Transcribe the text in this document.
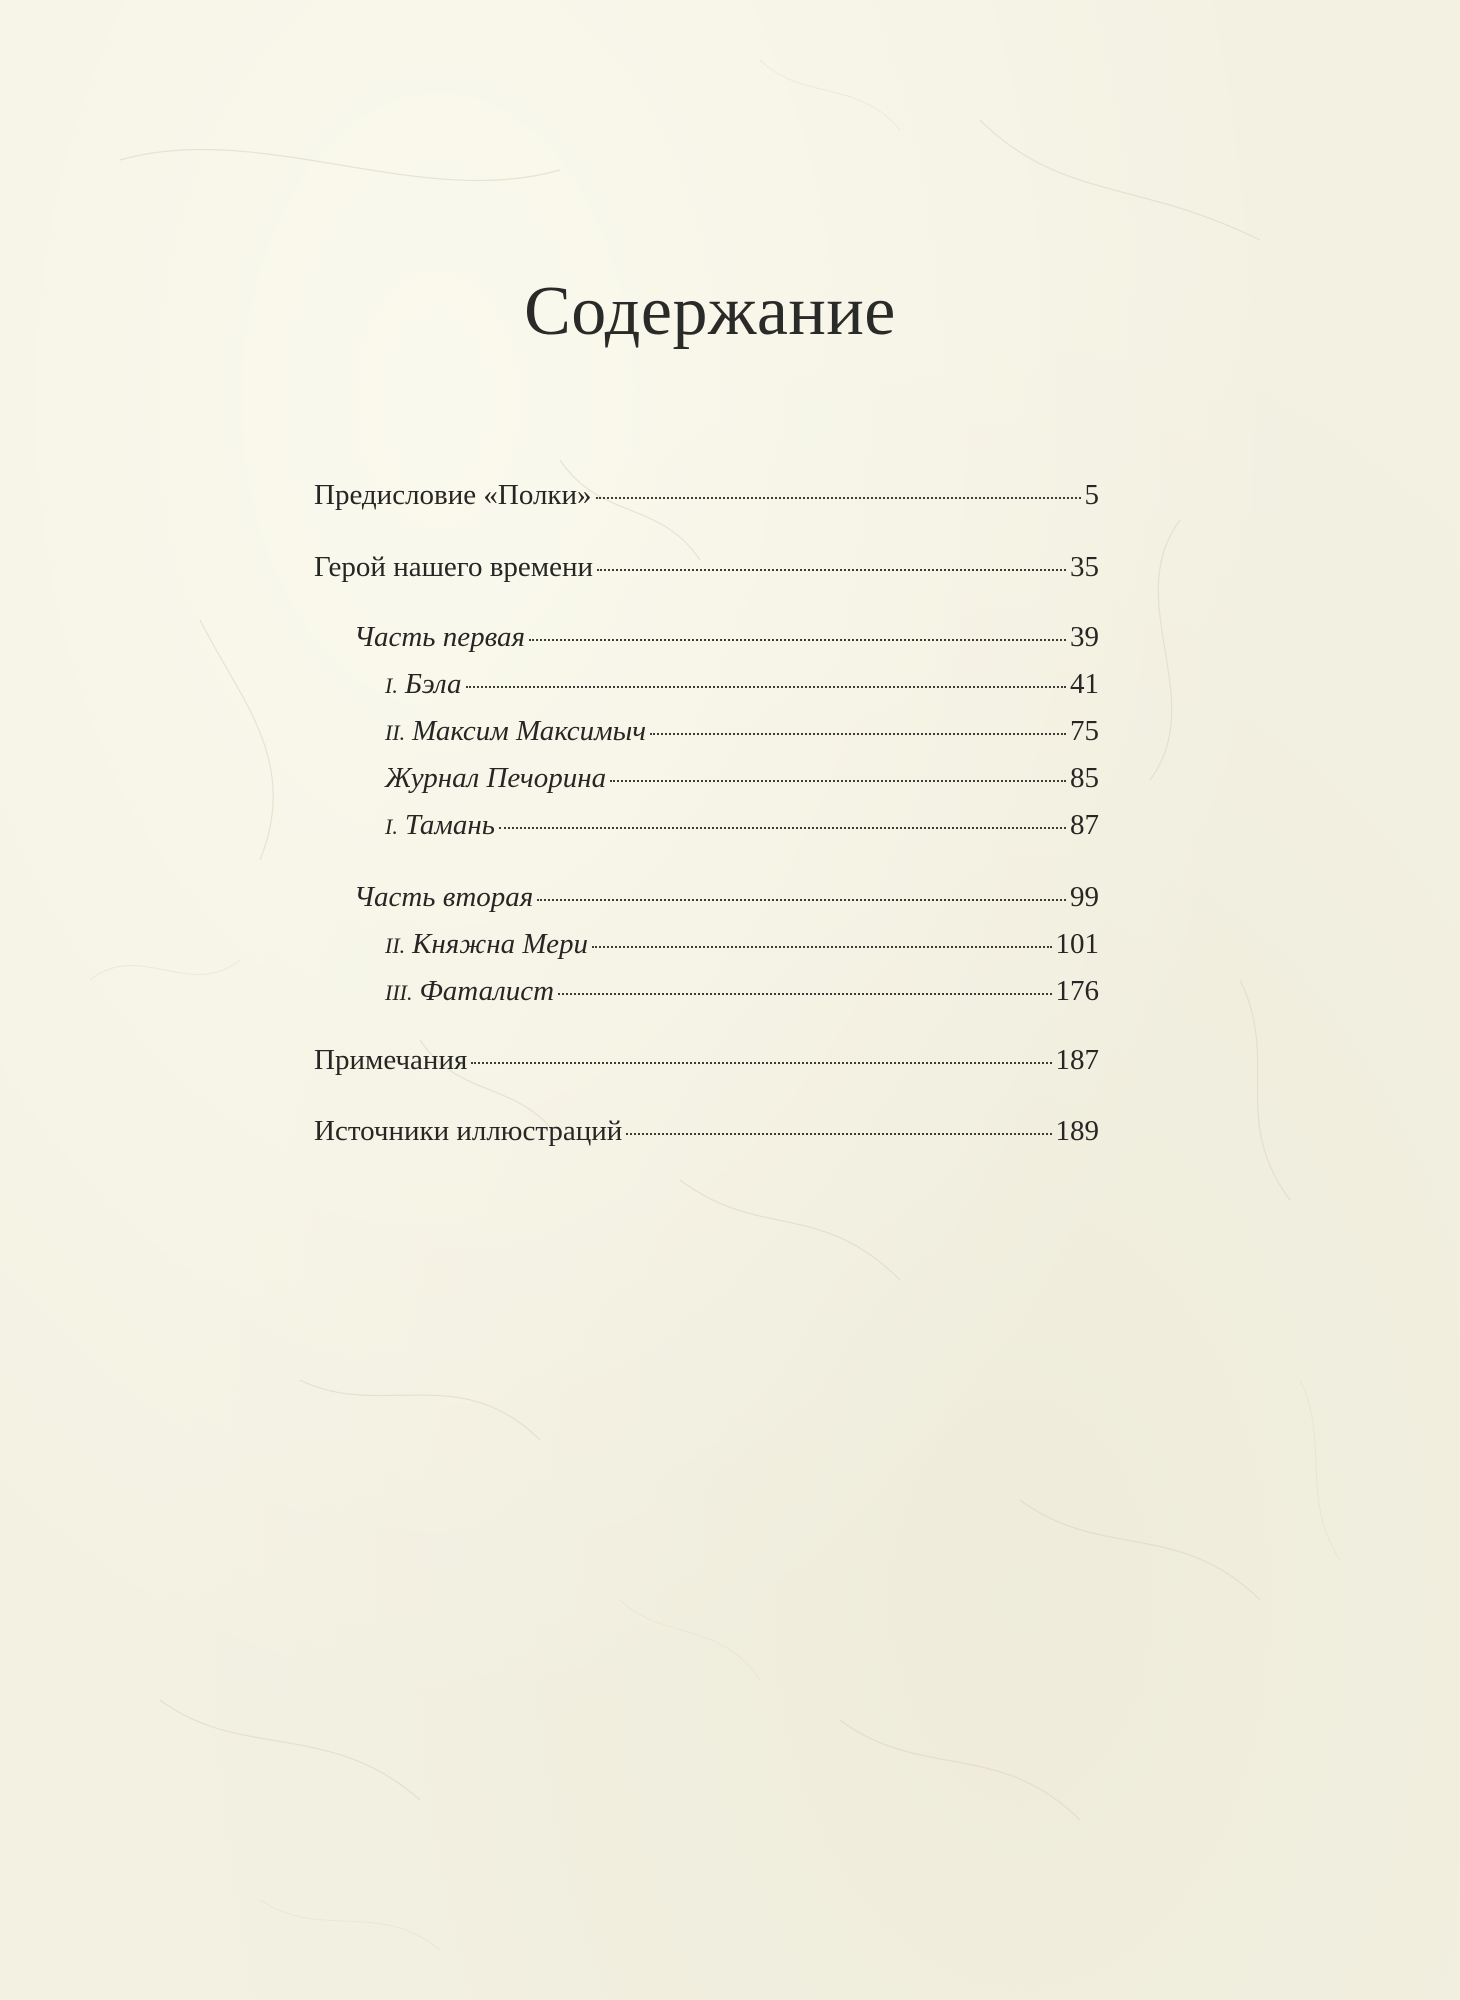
Содержание
Предисловие «Полки»	5
Герой нашего времени	35
Часть первая	39
I. Бэла	41
II. Максим Максимыч	75
Журнал Печорина	85
I. Тамань	87
Часть вторая	99
II. Княжна Мери	101
III. Фаталист	176
Примечания	187
Источники иллюстраций	189
